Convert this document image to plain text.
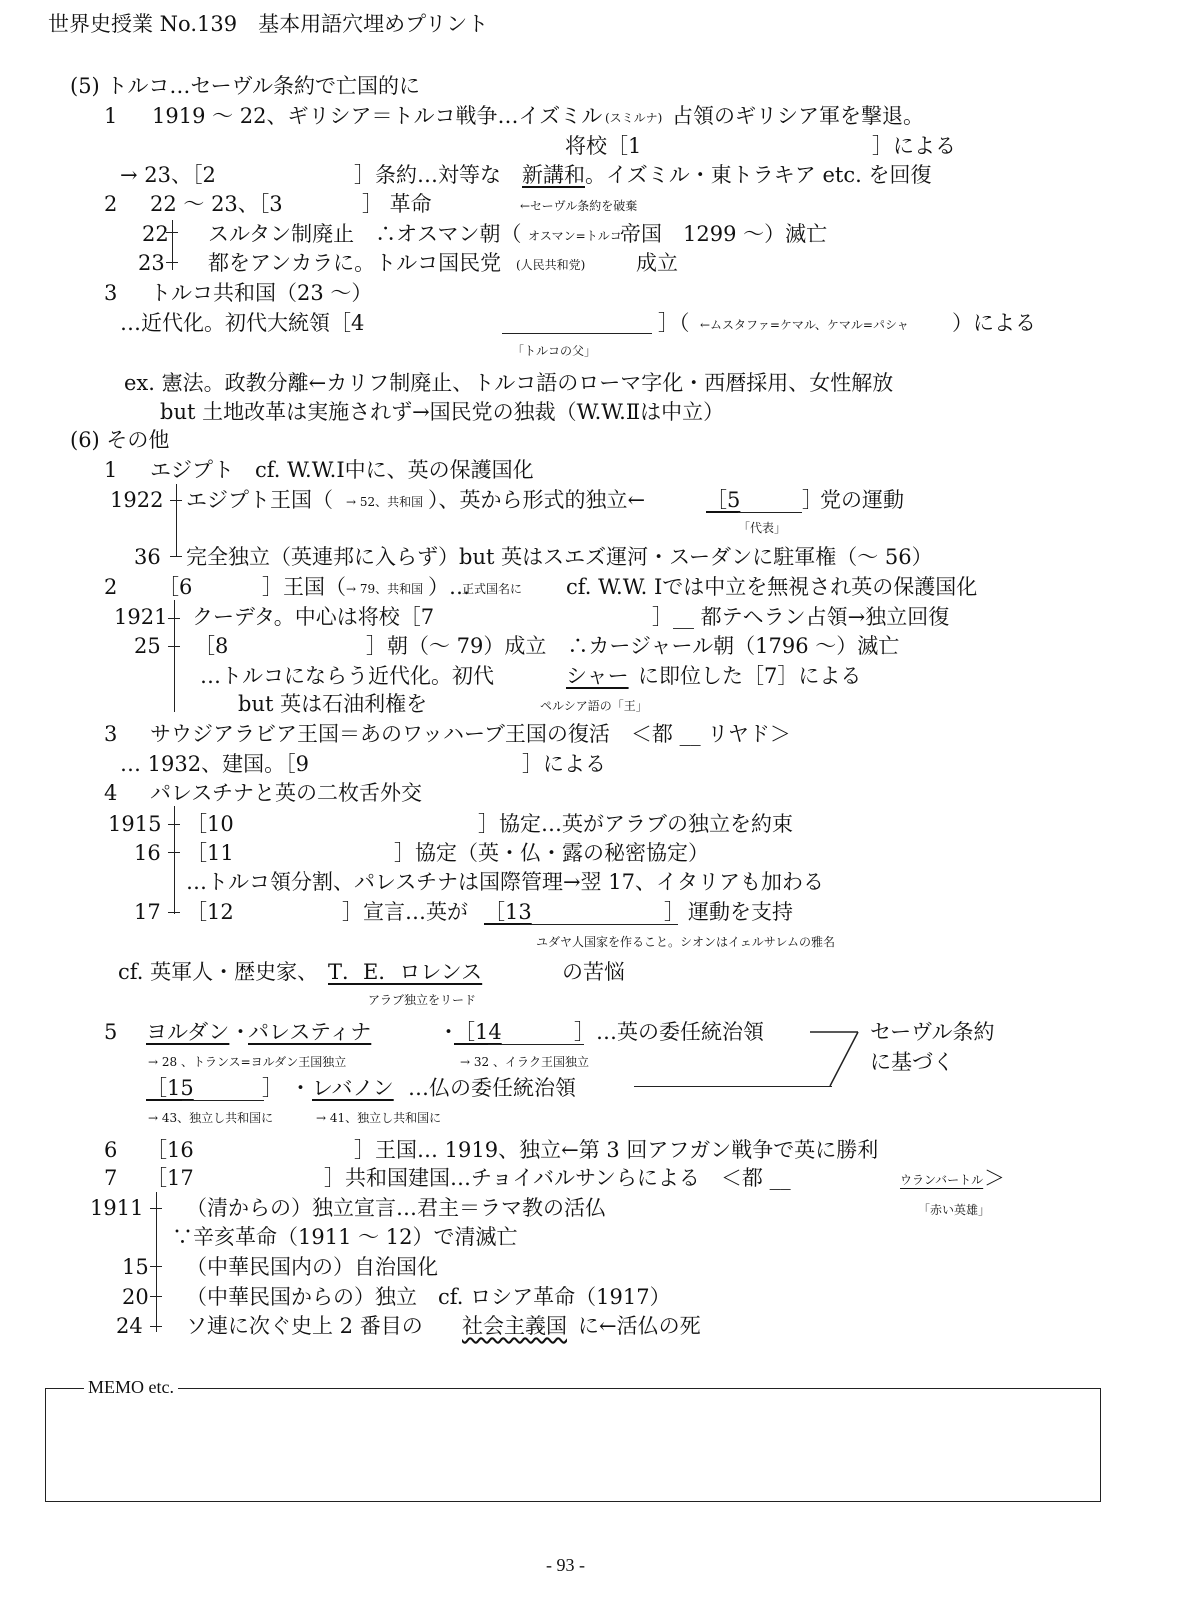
世界史授業 No.139　基本用語穴埋めプリント
(5) トルコ…セーヴル条約で亡国的に
1 1919 ～ 22、ギリシア＝トルコ戦争…イズミル (スミルナ) 占領のギリシア軍を撃退。
将校［1	］による
→ 23、［2	］条約…対等な 新講和 。イズミル・東トラキア etc. を回復
2 22 ～ 23、［3	］ 革命	←セーヴル条約を破棄
22 スルタン制廃止　∴オスマン朝（ オスマン=トルコ
帝国　1299 ～）滅亡
23 都をアンカラに。トルコ国民党 (人民共和党) 成立
3 トルコ共和国（23 ～）
…近代化。初代大統領［4	］（ ←ムスタファ=ケマル、ケマル=パシャ ）による
「トルコの父」
ex. 憲法。政教分離←カリフ制廃止、トルコ語のローマ字化・西暦採用、女性解放
but 土地改革は実施されず→国民党の独裁（W.W.Ⅱは中立）
(6) その他
1 エジプト　cf. W.W.Ⅰ中に、英の保護国化
1922 エジプト王国（ → 52、共和国 ）、英から形式的独立←	［5	］
党の運動
「代表」
36 完全独立（英連邦に入らず）but 英はスエズ運河・スーダンに駐軍権（～ 56）
2 ［6	］王国（ → 79、共和国 ）…
正式国名に cf. W.W. Ⅰでは中立を無視され英の保護国化
1921 クーデタ。中心は将校［7	］__ 都テヘラン占領→独立回復
25 ［8	］朝（～ 79）成立　∴カージャール朝（1796 ～）滅亡
…トルコにならう近代化。初代	シャー に即位した［7］による
but 英は石油利権を	ペルシア語の「王」
3 サウジアラビア王国＝あのワッハーブ王国の復活　＜都 __ リヤド＞
… 1932、建国。［9	］による
4 パレスチナと英の二枚舌外交
1915 ［10	］協定…英がアラブの独立を約束
16 ［11	］協定（英・仏・露の秘密協定）
…トルコ領分割、パレスチナは国際管理→翌 17、イタリアも加わる
17 ［12	］宣言…英が ［13	］ 運動を支持
ユダヤ人国家を作ること。シオンはイェルサレムの雅名
cf. 英軍人・歴史家、 T．E．ロレンス	の苦悩
アラブ独立をリード
5 ヨルダン ・
パレスティナ	・
［14	］ …英の委任統治領	セーヴル条約
→ 28 、トランス=ヨルダン王国独立	→ 32 、イラク王国独立	に基づく
［15	］ ・ レバノン …仏の委任統治領
→ 43、独立し共和国に	→ 41、独立し共和国に
6 ［16	］王国… 1919、独立←第 3 回アフガン戦争で英に勝利
7 ［17	］共和国建国…チョイバルサンらによる　＜都 __	ウランバートル ＞
1911 （清からの）独立宣言…君主＝ラマ教の活仏	「赤い英雄」
∵辛亥革命（1911 ～ 12）で清滅亡
15 （中華民国内の）自治国化
20 （中華民国からの）独立　cf. ロシア革命（1917）
24 ソ連に次ぐ史上 2 番目の 社会主義国 に←活仏の死
MEMO etc.
- 93 -
